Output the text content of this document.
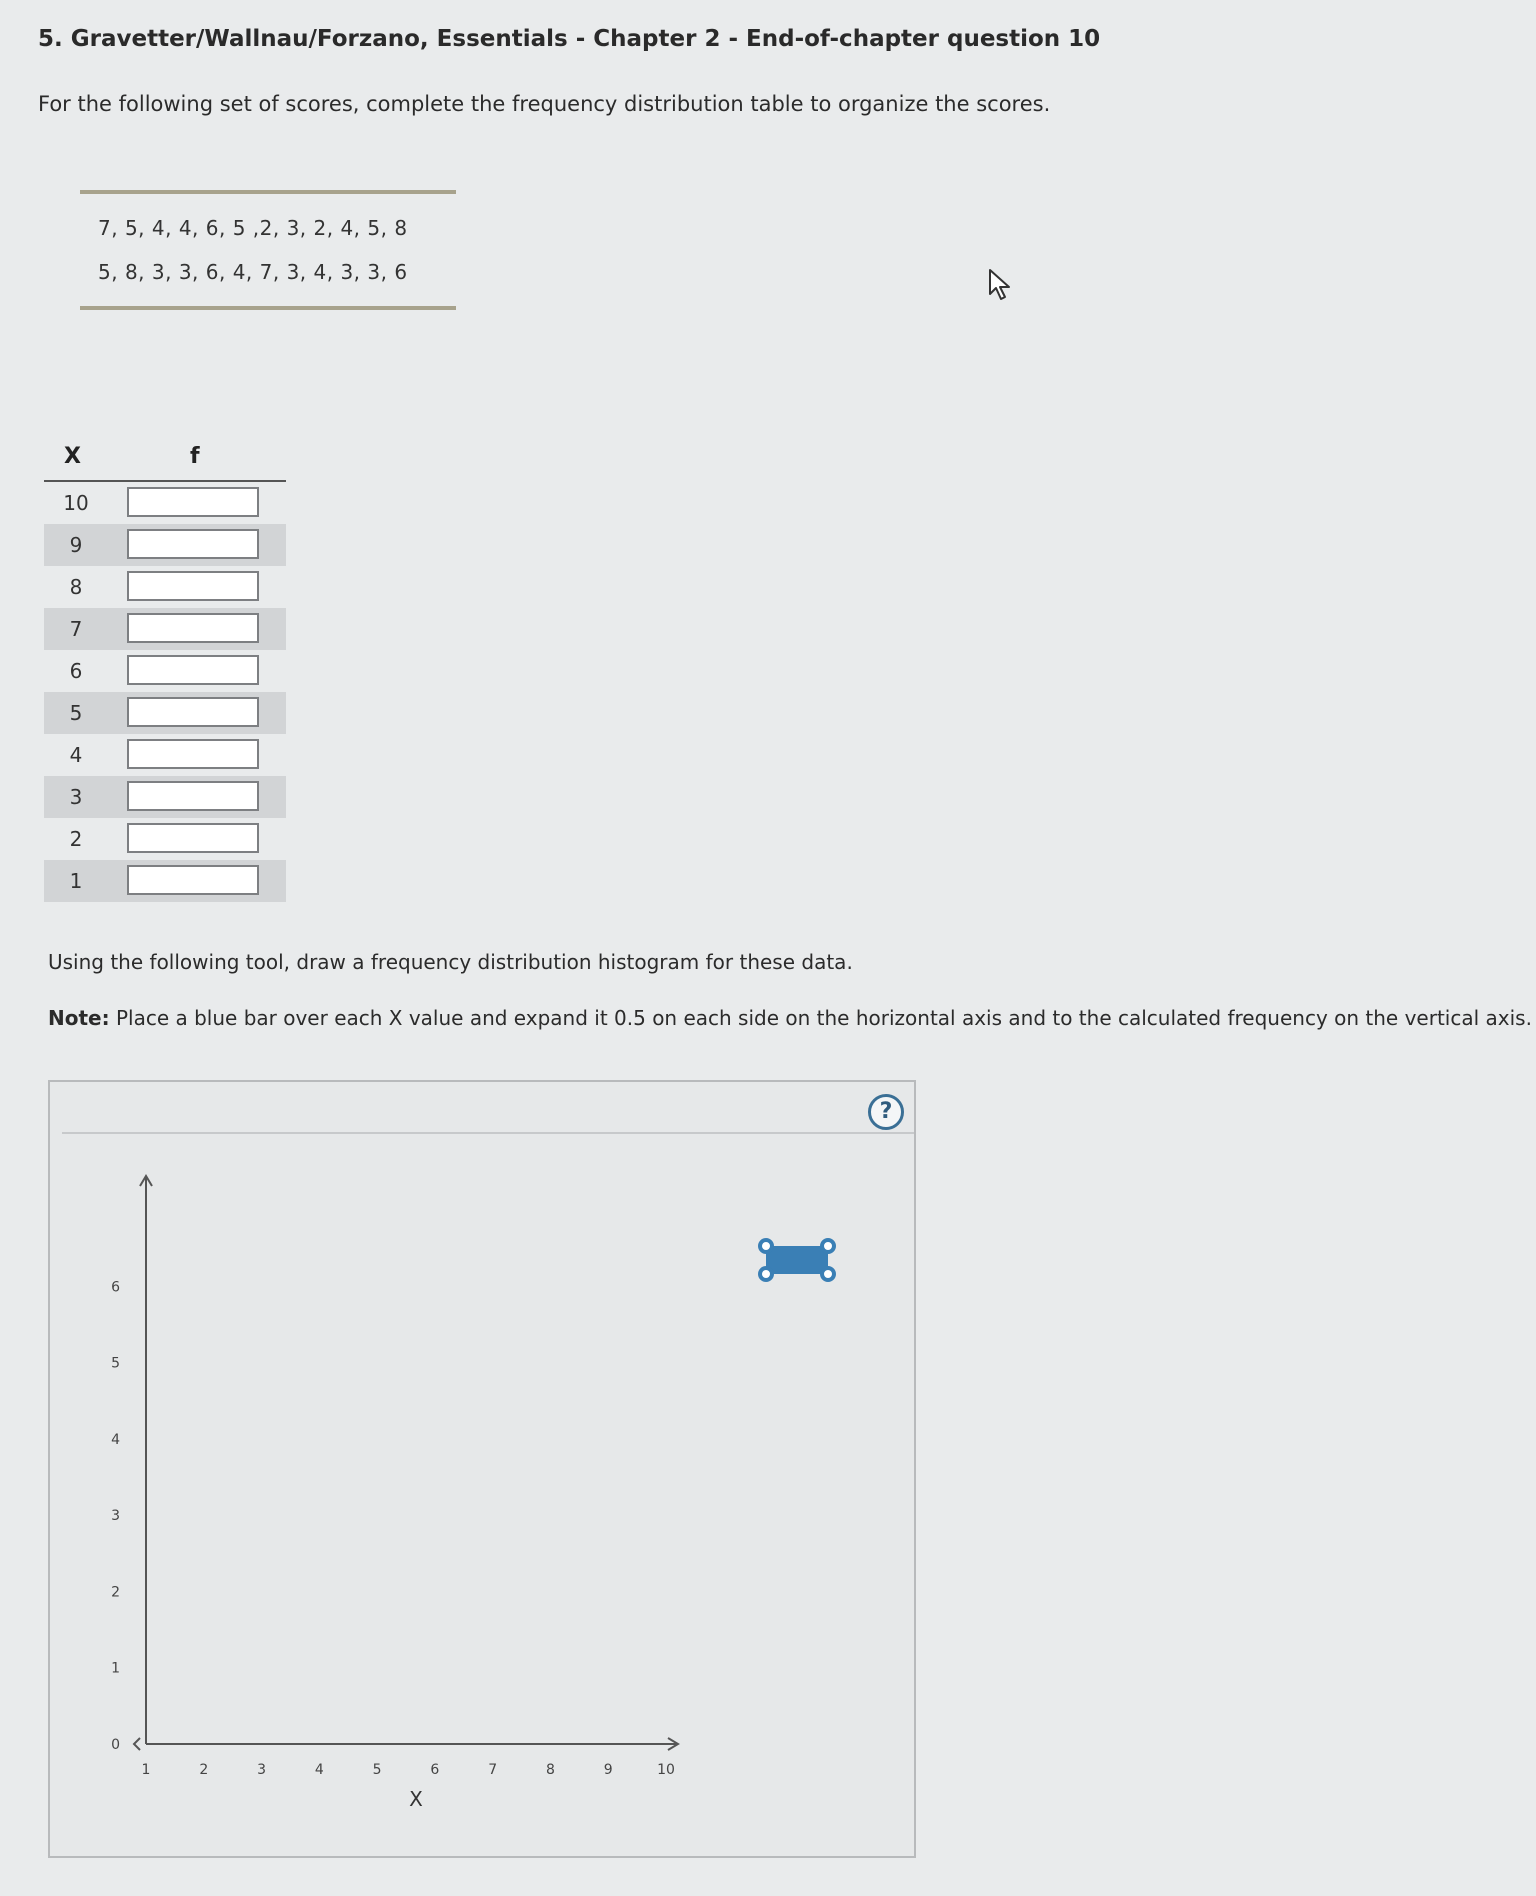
5. Gravetter/Wallnau/Forzano, Essentials - Chapter 2 - End-of-chapter question 10
For the following set of scores, complete the frequency distribution table to organize the scores.
7, 5, 4, 4, 6, 5 ,2, 3, 2, 4, 5, 8
5, 8, 3, 3, 6, 4, 7, 3, 4, 3, 3, 6
X	f
10
9
8
7
6
5
4
3
2
1
Using the following tool, draw a frequency distribution histogram for these data.
Note: Place a blue bar over each X value and expand it 0.5 on each side on the horizontal axis and to the calculated frequency on the vertical axis.
?
1	2	3	4	5	6	7	8	9	10
0
1
2
3
4
5
6
X
